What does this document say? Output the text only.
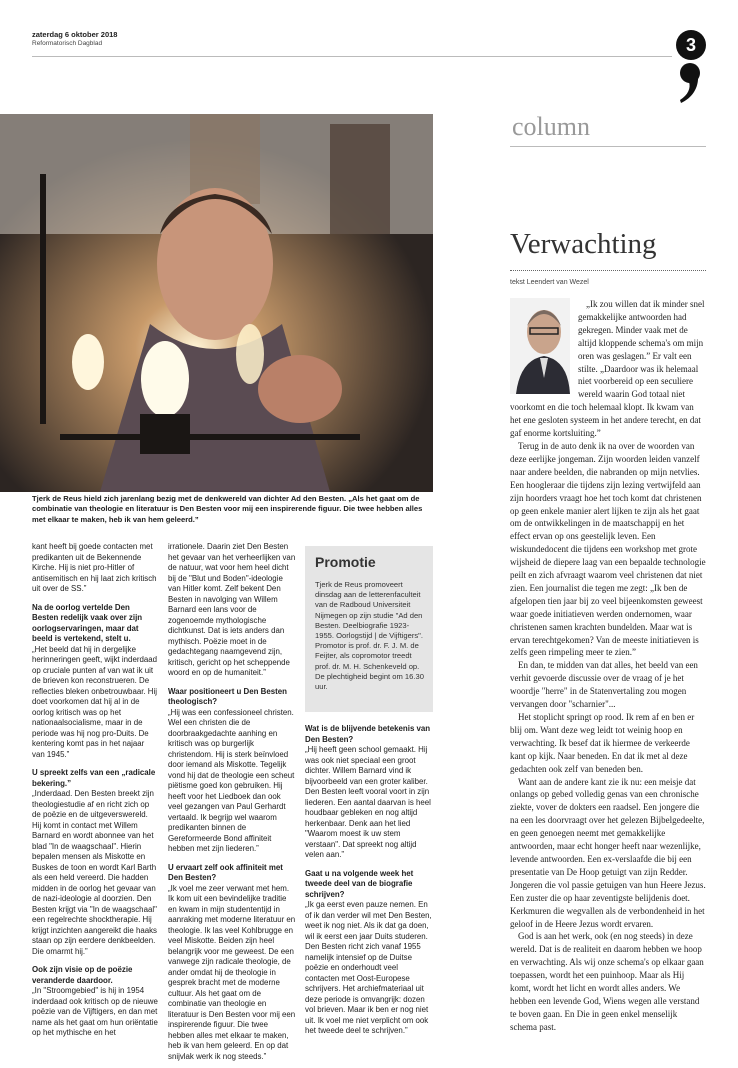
zaterdag 6 oktober 2018
Reformatorisch Dagblad	3
Tjerk de Reus hield zich jarenlang bezig met de denkwereld van dichter Ad den Besten. „Als het gaat om de combinatie van theologie en literatuur is Den Besten voor mij een inspirerende figuur. Die twee hebben alles met elkaar te maken, heb ik van hem geleerd.”

kant heeft bij goede contacten met predikanten uit de Bekennende Kirche. Hij is niet pro-Hitler of antisemitisch en hij laat zich kritisch uit over de SS.”

Na de oorlog vertelde Den Besten redelijk vaak over zijn oorlogservaringen, maar dat beeld is vertekend, stelt u.

„Het beeld dat hij in dergelijke herinneringen geeft, wijkt inderdaad op cruciale punten af van wat ik uit de brieven kon reconstrueren. De reflecties bleken onbetrouwbaar. Hij doet voorkomen dat hij al in de oorlog kritisch was op het nationaalsocialisme, maar in de periode was hij nog pro-Duits. De kentering komt pas in het najaar van 1945.”

U spreekt zelfs van een „radicale bekering.”

„Inderdaad. Den Besten breekt zijn theologiestudie af en richt zich op de poëzie en de uitgeverswereld. Hij komt in contact met Willem Barnard en wordt abonnee van het blad "In de waagschaal". Hierin bepalen mensen als Miskotte en Buskes de toon en wordt Karl Barth als een held vereerd. Die hadden midden in de oorlog het gevaar van de nazi-ideologie al doorzien. Den Besten krijgt via "In de waagschaal" een regelrechte shocktherapie. Hij krijgt inzichten aangereikt die haaks staan op zijn eerdere denkbeelden. Die omarmt hij.”

Ook zijn visie op de poëzie veranderde daardoor.

„In "Stroomgebied" is hij in 1954 inderdaad ook kritisch op de nieuwe poëzie van de Vijftigers, en dan met name als het gaat om hun oriëntatie op het mythische en het

irrationele. Daarin ziet Den Besten het gevaar van het verheerlijken van de natuur, wat voor hem heel dicht bij de "Blut und Boden"-ideologie van Hitler komt. Zelf bekent Den Besten in navolging van Willem Barnard een lans voor de zogenoemde mythologische dichtkunst. Dat is iets anders dan mythisch. Poëzie moet in de gedachtegang naamgevend zijn, kritisch, gericht op het scheppende woord en op de humaniteit.”

Waar positioneert u Den Besten theologisch?

„Hij was een confessioneel christen. Wel een christen die de doorbraakgedachte aanhing en kritisch was op burgerlijk christendom. Hij is sterk beïnvloed door iemand als Miskotte. Tegelijk vond hij dat de theologie een scheut piëtisme goed kon gebruiken. Hij heeft voor het Liedboek dan ook veel gezangen van Paul Gerhardt vertaald. Ik begrijp wel waarom predikanten binnen de Gereformeerde Bond affiniteit hebben met zijn liederen.”

U ervaart zelf ook affiniteit met Den Besten?

„Ik voel me zeer verwant met hem. Ik kom uit een bevindelijke traditie en kwam in mijn studententijd in aanraking met moderne literatuur en theologie. Ik las veel Kohlbrugge en veel Miskotte. Beiden zijn heel belangrijk voor me geweest. De een vanwege zijn radicale theologie, de ander omdat hij de theologie in gesprek bracht met de moderne cultuur. Als het gaat om de combinatie van theologie en literatuur is Den Besten voor mij een inspirerende figuur. Die twee hebben alles met elkaar te maken, heb ik van hem geleerd. En op dat snijvlak werk ik nog steeds.”

Promotie
Tjerk de Reus promoveert dinsdag aan de letterenfaculteit van de Radboud Universiteit Nijmegen op zijn studie "Ad den Besten. Deelbiografie 1923-1955. Oorlogstijd | de Vijftigers". Promotor is prof. dr. F. J. M. de Feijter, als copromotor treedt prof. dr. M. H. Schenkeveld op. De plechtigheid begint om 16.30 uur.

Wat is de blijvende betekenis van Den Besten?

„Hij heeft geen school gemaakt. Hij was ook niet speciaal een groot dichter. Willem Barnard vind ik bijvoorbeeld van een groter kaliber. Den Besten leeft vooral voort in zijn liederen. Een aantal daarvan is heel houdbaar gebleken en nog altijd herkenbaar. Denk aan het lied "Waarom moest ik uw stem verstaan". Dat spreekt nog altijd velen aan.”

Gaat u na volgende week het tweede deel van de biografie schrijven?

„Ik ga eerst even pauze nemen. En of ik dan verder wil met Den Besten, weet ik nog niet. Als ik dat ga doen, wil ik eerst een jaar Duits studeren. Den Besten richt zich vanaf 1955 namelijk intensief op de Duitse poëzie en onderhoudt veel contacten met Oost-Europese schrijvers. Het archiefmateriaal uit deze periode is omvangrijk: dozen vol brieven. Maar ik ben er nog niet uit. Ik voel me niet verplicht om ook het tweede deel te schrijven.”

column
Verwachting
tekst Leendert van Wezel

„Ik zou willen dat ik minder snel gemakkelijke antwoorden had gekregen. Minder vaak met de altijd kloppende schema's om mijn oren was geslagen.” Er valt een stilte. „Daardoor was ik helemaal niet voorbereid op een seculiere wereld waarin God totaal niet voorkomt en die toch helemaal klopt. Ik kwam van het ene gesloten systeem in het andere terecht, en dat gaf enorme kortsluiting.”

Terug in de auto denk ik na over de woorden van deze eerlijke jongeman. Zijn woorden leiden vanzelf naar andere beelden, die nabranden op mijn netvlies. Een hoogleraar die tijdens zijn lezing vertwijfeld aan zijn hoorders vraagt hoe het toch komt dat christenen op geen enkele manier alert lijken te zijn als het gaat om de ontwikkelingen in de maatschappij en het effect ervan op ons geestelijk leven. Een wiskundedocent die tijdens een workshop met grote wijsheid de diepere laag van een bepaalde technologie peilt en zich afvraagt waarom veel christenen dat niet zien. Een journalist die tegen me zegt: „Ik ben de afgelopen tien jaar bij zo veel bijeenkomsten geweest waar goede initiatieven werden ondernomen, waar christenen samen krachten bundelden. Maar wat is ervan terechtgekomen? Van de meeste initiatieven is zelfs geen rimpeling meer te zien.”

En dan, te midden van dat alles, het beeld van een verhit gevoerde discussie over de vraag of je het woordje "herre" in de Statenvertaling zou mogen vervangen door "scharnier"...

Het stoplicht springt op rood. Ik rem af en ben er blij om. Want deze weg leidt tot weinig hoop en verwachting. Ik besef dat ik hiermee de verkeerde kant op kijk. Naar beneden. En dat ik met al deze gedachten ook zelf van beneden ben.

Want aan de andere kant zie ik nu: een meisje dat onlangs op gebed volledig genas van een chronische ziekte, vover de dokters een raadsel. Een jongere die na een les doorvraagt over het gelezen Bijbelgedeelte, en geen genoegen neemt met gemakkelijke antwoorden, maar echt honger heeft naar wezenlijke, levende antwoorden. Een ex-verslaafde die bij een presentatie van De Hoop getuigt van zijn Redder. Jongeren die vol passie getuigen van hun Heere Jezus. Een zuster die op haar zeventigste belijdenis doet. Kerkmuren die wegvallen als de verbondenheid in het geloof in de Heere Jezus wordt ervaren.

God is aan het werk, ook (en nog steeds) in deze wereld. Dat is de realiteit en daarom hebben we hoop en verwachting. Als wij onze schema's op elkaar gaan toepassen, wordt het een puinhoop. Maar als Hij komt, wordt het licht en wordt alles anders. We hebben een levende God, Wiens wegen alle verstand te boven gaan. En Die in geen enkel menselijk schema past.
